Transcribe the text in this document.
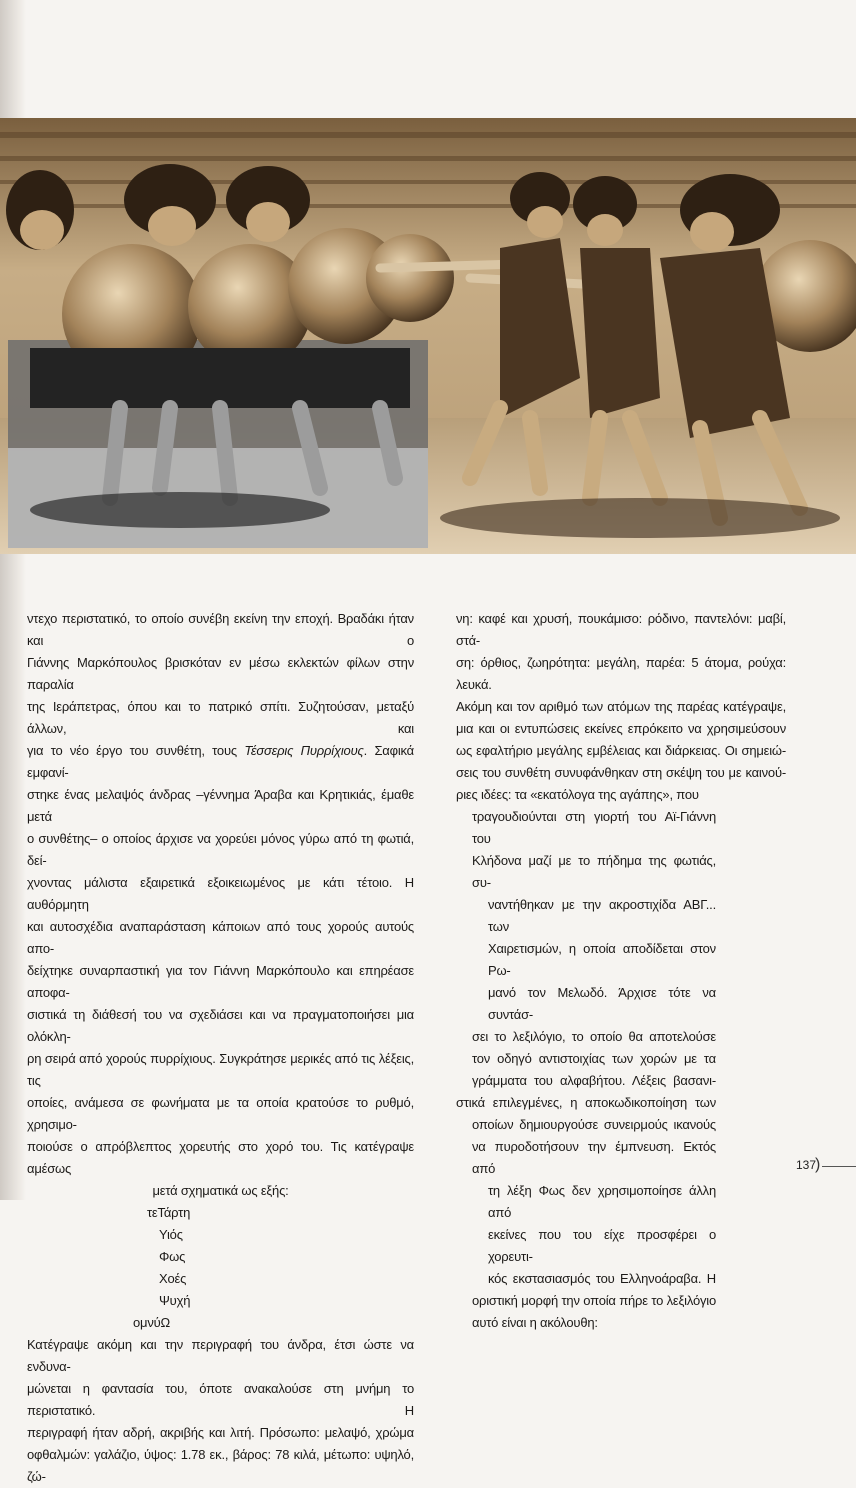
ντεχο περιστατικό, το οποίο συνέβη εκείνη την εποχή. Βραδάκι ήταν και ο

Γιάννης Μαρκόπουλος βρισκόταν εν μέσω εκλεκτών φίλων στην παραλία

της Ιεράπετρας, όπου και το πατρικό σπίτι. Συζητούσαν, μεταξύ άλλων, και

για το νέο έργο του συνθέτη, τους Τέσσερις Πυρρίχιους. Σαφικά εμφανί-

στηκε ένας μελαψός άνδρας –γέννημα Άραβα και Κρητικιάς, έμαθε μετά

ο συνθέτης– ο οποίος άρχισε να χορεύει μόνος γύρω από τη φωτιά, δεί-

χνοντας μάλιστα εξαιρετικά εξοικειωμένος με κάτι τέτοιο. Η αυθόρμητη

και αυτοσχέδια αναπαράσταση κάποιων από τους χορούς αυτούς απο-

δείχτηκε συναρπαστική για τον Γιάννη Μαρκόπουλο και επηρέασε αποφα-

σιστικά τη διάθεσή του να σχεδιάσει και να πραγματοποιήσει μια ολόκλη-

ρη σειρά από χορούς πυρρίχιους. Συγκράτησε μερικές από τις λέξεις, τις

οποίες, ανάμεσα σε φωνήματα με τα οποία κρατούσε το ρυθμό, χρησιμο-

ποιούσε ο απρόβλεπτος χορευτής στο χορό του. Τις κατέγραψε αμέσως

μετά σχηματικά ως εξής:

τεΤάρτη

Υιός

Φως

Χοές

Ψυχή

ομνύΩ

Κατέγραψε ακόμη και την περιγραφή του άνδρα, έτσι ώστε να ενδυνα-

μώνεται η φαντασία του, όποτε ανακαλούσε στη μνήμη το περιστατικό. Η

περιγραφή ήταν αδρή, ακριβής και λιτή. Πρόσωπο: μελαψό, χρώμα

οφθαλμών: γαλάζιο, ύψος: 1.78 εκ., βάρος: 78 κιλά, μέτωπο: υψηλό, ζώ-

νη: καφέ και χρυσή, πουκάμισο: ρόδινο, παντελόνι: μαβί, στά-

ση: όρθιος, ζωηρότητα: μεγάλη, παρέα: 5 άτομα, ρούχα:

λευκά.

Ακόμη και τον αριθμό των ατόμων της παρέας κατέγραψε,

μια και οι εντυπώσεις εκείνες επρόκειτο να χρησιμεύσουν

ως εφαλτήριο μεγάλης εμβέλειας και διάρκειας. Οι σημειώ-

σεις του συνθέτη συνυφάνθηκαν στη σκέψη του με καινού-

ριες ιδέες: τα «εκατόλογα της αγάπης», που

τραγουδιούνται στη γιορτή του Αϊ-Γιάννη του

Κλήδονα μαζί με το πήδημα της φωτιάς, συ-

ναντήθηκαν με την ακροστιχίδα ΑΒΓ... των

Χαιρετισμών, η οποία αποδίδεται στον Ρω-

μανό τον Μελωδό. Άρχισε τότε να συντάσ-

σει το λεξιλόγιο, το οποίο θα αποτελούσε

τον οδηγό αντιστοιχίας των χορών με τα

γράμματα του αλφαβήτου. Λέξεις βασανι-

στικά επιλεγμένες, η αποκωδικοποίηση των

οποίων δημιουργούσε συνειρμούς ικανούς

να πυροδοτήσουν την έμπνευση. Εκτός από

τη λέξη Φως δεν χρησιμοποίησε άλλη από

εκείνες που του είχε προσφέρει ο χορευτι-

κός εκστασιασμός του Ελληνοάραβα. Η

οριστική μορφή την οποία πήρε το λεξιλόγιο

αυτό είναι η ακόλουθη:

137
)
